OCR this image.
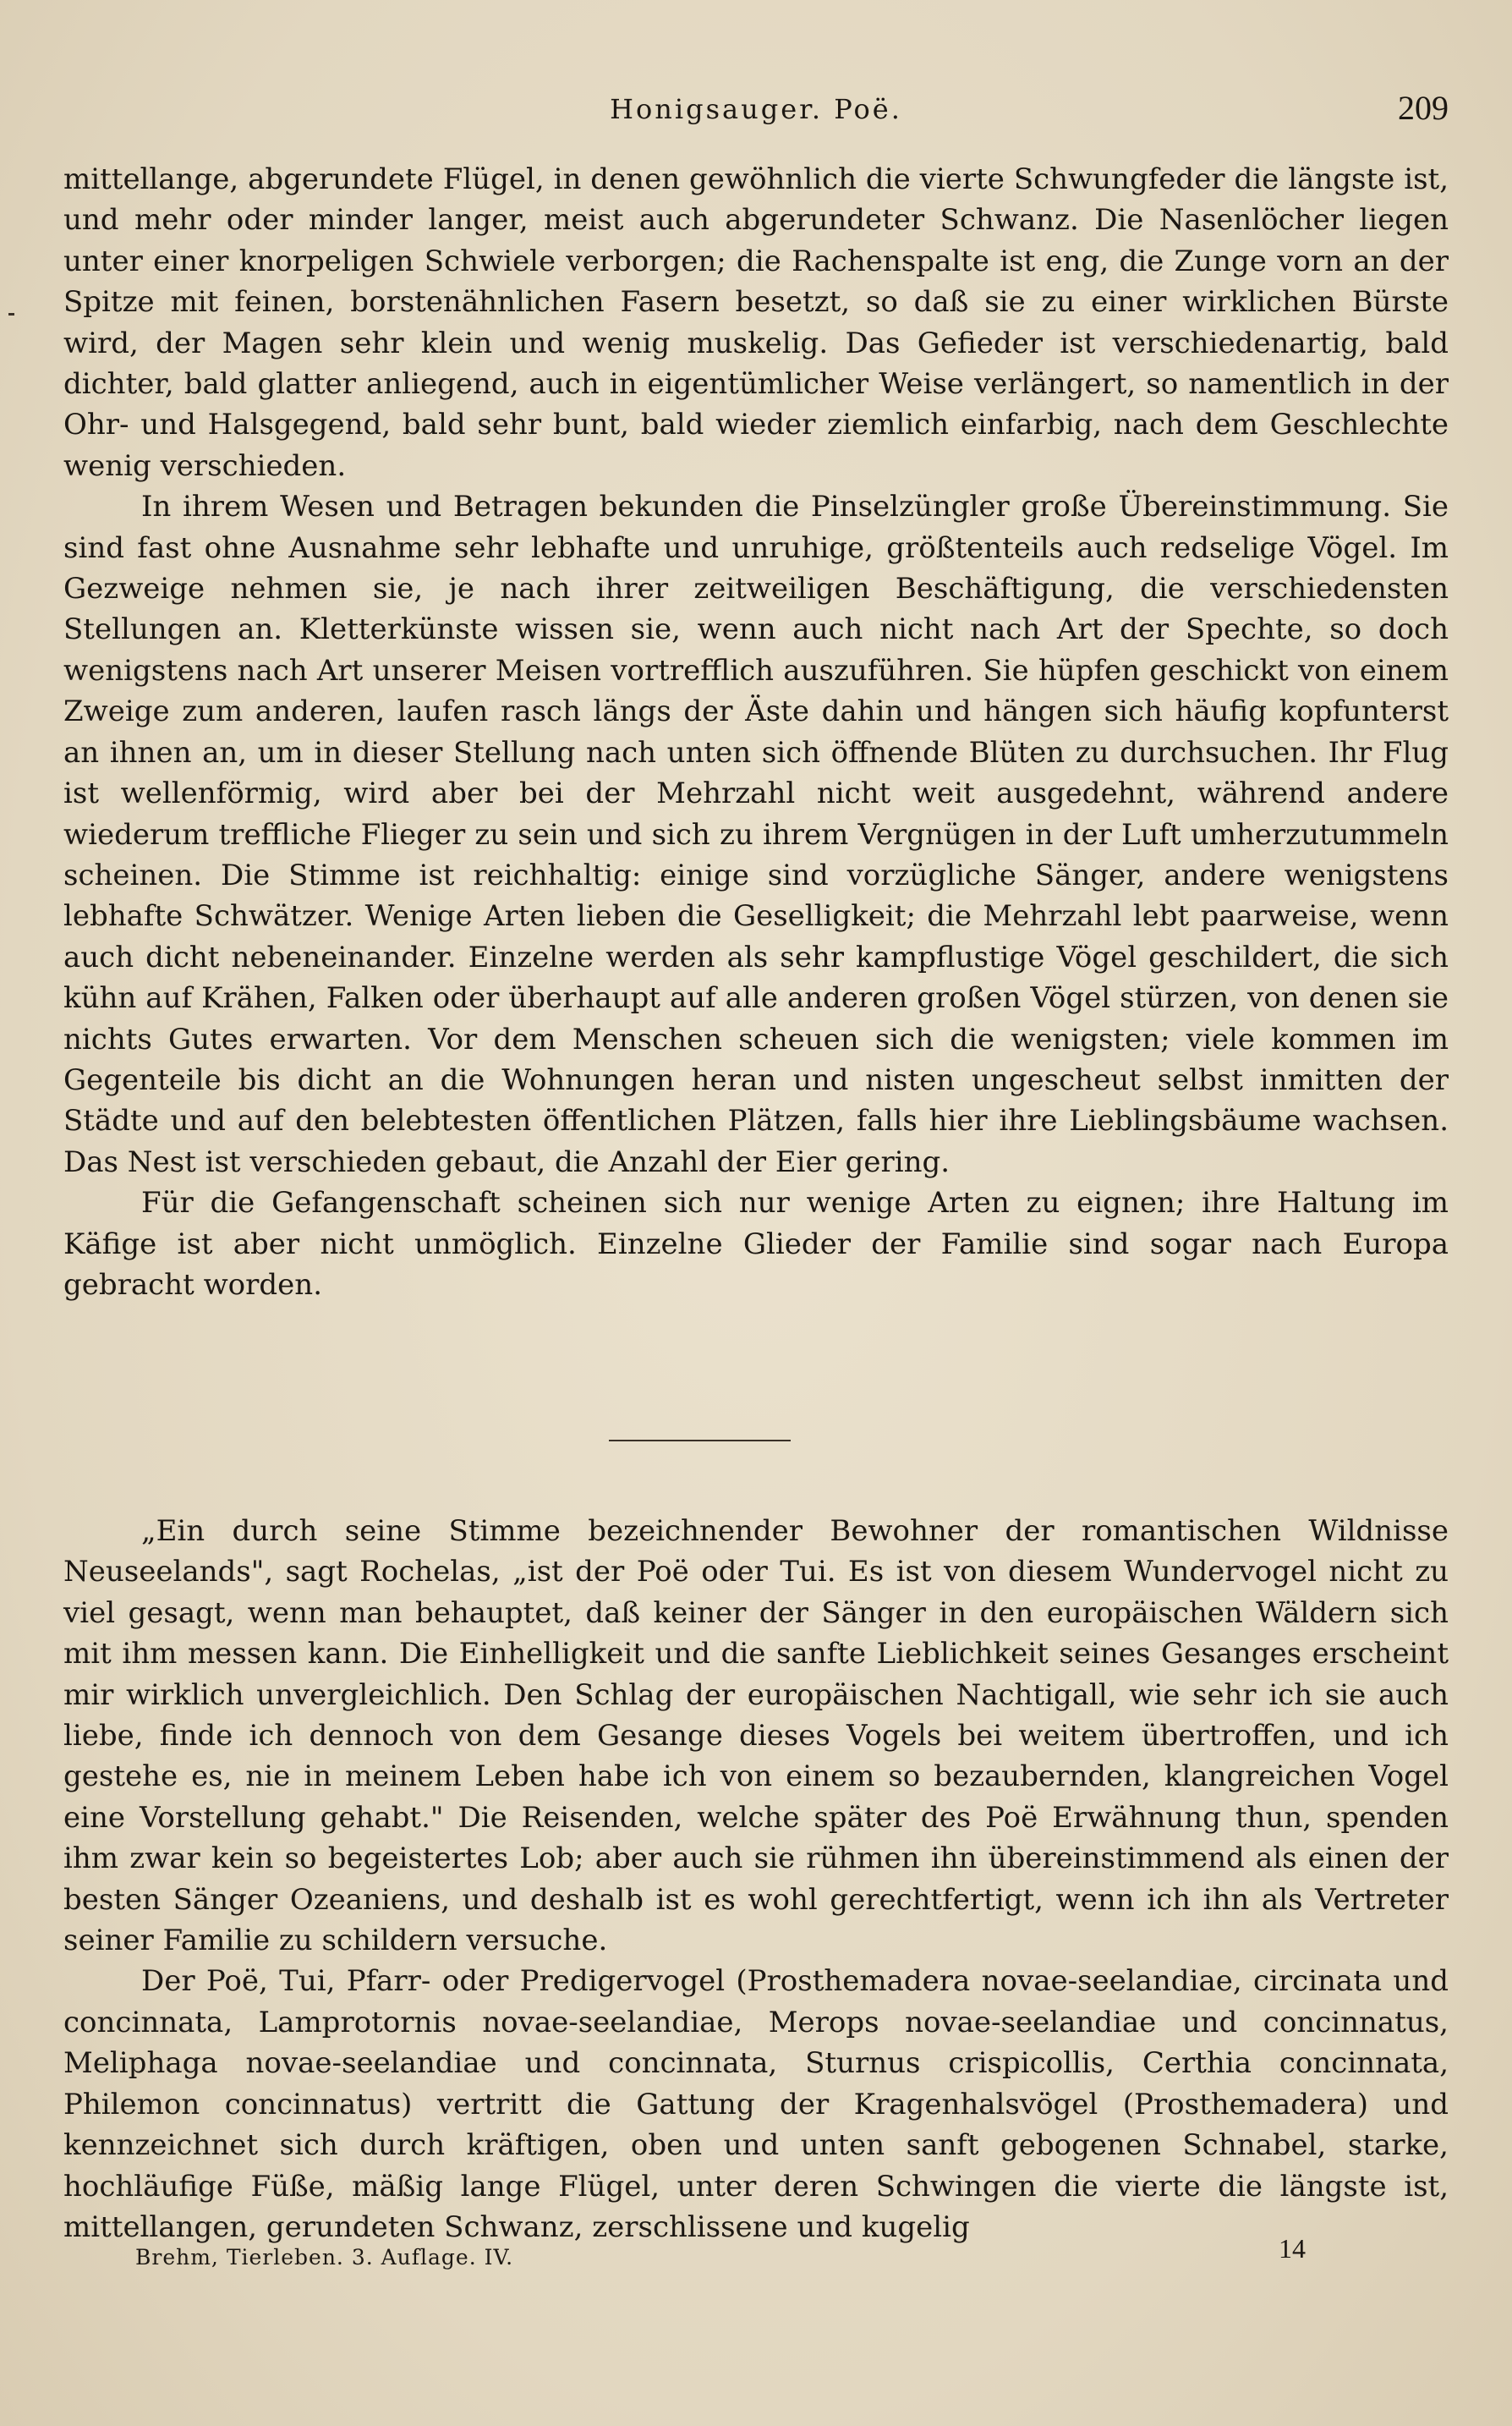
Honigsauger. Poë.	209

mittellange, abgerundete Flügel, in denen gewöhnlich die vierte Schwungfeder die längste ist, und mehr oder minder langer, meist auch abgerundeter Schwanz. Die Nasenlöcher liegen unter einer knorpeligen Schwiele verborgen; die Rachenspalte ist eng, die Zunge vorn an der Spitze mit feinen, borstenähnlichen Fasern besetzt, so daß sie zu einer wirklichen Bürste wird, der Magen sehr klein und wenig muskelig. Das Gefieder ist verschiedenartig, bald dichter, bald glatter anliegend, auch in eigentümlicher Weise verlängert, so namentlich in der Ohr- und Halsgegend, bald sehr bunt, bald wieder ziemlich einfarbig, nach dem Geschlechte wenig verschieden.

In ihrem Wesen und Betragen bekunden die Pinselzüngler große Übereinstimmung. Sie sind fast ohne Ausnahme sehr lebhafte und unruhige, größtenteils auch redselige Vögel. Im Gezweige nehmen sie, je nach ihrer zeitweiligen Beschäftigung, die verschiedensten Stellungen an. Kletterkünste wissen sie, wenn auch nicht nach Art der Spechte, so doch wenigstens nach Art unserer Meisen vortrefflich auszuführen. Sie hüpfen geschickt von einem Zweige zum anderen, laufen rasch längs der Äste dahin und hängen sich häufig kopfunterst an ihnen an, um in dieser Stellung nach unten sich öffnende Blüten zu durchsuchen. Ihr Flug ist wellenförmig, wird aber bei der Mehrzahl nicht weit ausgedehnt, während andere wiederum treffliche Flieger zu sein und sich zu ihrem Vergnügen in der Luft umherzutummeln scheinen. Die Stimme ist reichhaltig: einige sind vorzügliche Sänger, andere wenigstens lebhafte Schwätzer. Wenige Arten lieben die Geselligkeit; die Mehrzahl lebt paarweise, wenn auch dicht nebeneinander. Einzelne werden als sehr kampflustige Vögel geschildert, die sich kühn auf Krähen, Falken oder überhaupt auf alle anderen großen Vögel stürzen, von denen sie nichts Gutes erwarten. Vor dem Menschen scheuen sich die wenigsten; viele kommen im Gegenteile bis dicht an die Wohnungen heran und nisten ungescheut selbst inmitten der Städte und auf den belebtesten öffentlichen Plätzen, falls hier ihre Lieblingsbäume wachsen. Das Nest ist verschieden gebaut, die Anzahl der Eier gering.

Für die Gefangenschaft scheinen sich nur wenige Arten zu eignen; ihre Haltung im Käfige ist aber nicht unmöglich. Einzelne Glieder der Familie sind sogar nach Europa gebracht worden.

„Ein durch seine Stimme bezeichnender Bewohner der romantischen Wildnisse Neuseelands", sagt Rochelas, „ist der Poë oder Tui. Es ist von diesem Wundervogel nicht zu viel gesagt, wenn man behauptet, daß keiner der Sänger in den europäischen Wäldern sich mit ihm messen kann. Die Einhelligkeit und die sanfte Lieblichkeit seines Gesanges erscheint mir wirklich unvergleichlich. Den Schlag der europäischen Nachtigall, wie sehr ich sie auch liebe, finde ich dennoch von dem Gesange dieses Vogels bei weitem übertroffen, und ich gestehe es, nie in meinem Leben habe ich von einem so bezaubernden, klangreichen Vogel eine Vorstellung gehabt." Die Reisenden, welche später des Poë Erwähnung thun, spenden ihm zwar kein so begeistertes Lob; aber auch sie rühmen ihn übereinstimmend als einen der besten Sänger Ozeaniens, und deshalb ist es wohl gerechtfertigt, wenn ich ihn als Vertreter seiner Familie zu schildern versuche.

Der Poë, Tui, Pfarr- oder Predigervogel (Prosthemadera novae-seelandiae, circinata und concinnata, Lamprotornis novae-seelandiae, Merops novae-seelandiae und concinnatus, Meliphaga novae-seelandiae und concinnata, Sturnus crispicollis, Certhia concinnata, Philemon concinnatus) vertritt die Gattung der Kragenhalsvögel (Prosthemadera) und kennzeichnet sich durch kräftigen, oben und unten sanft gebogenen Schnabel, starke, hochläufige Füße, mäßig lange Flügel, unter deren Schwingen die vierte die längste ist, mittellangen, gerundeten Schwanz, zerschlissene und kugelig

Brehm, Tierleben. 3. Auflage. IV.	14
